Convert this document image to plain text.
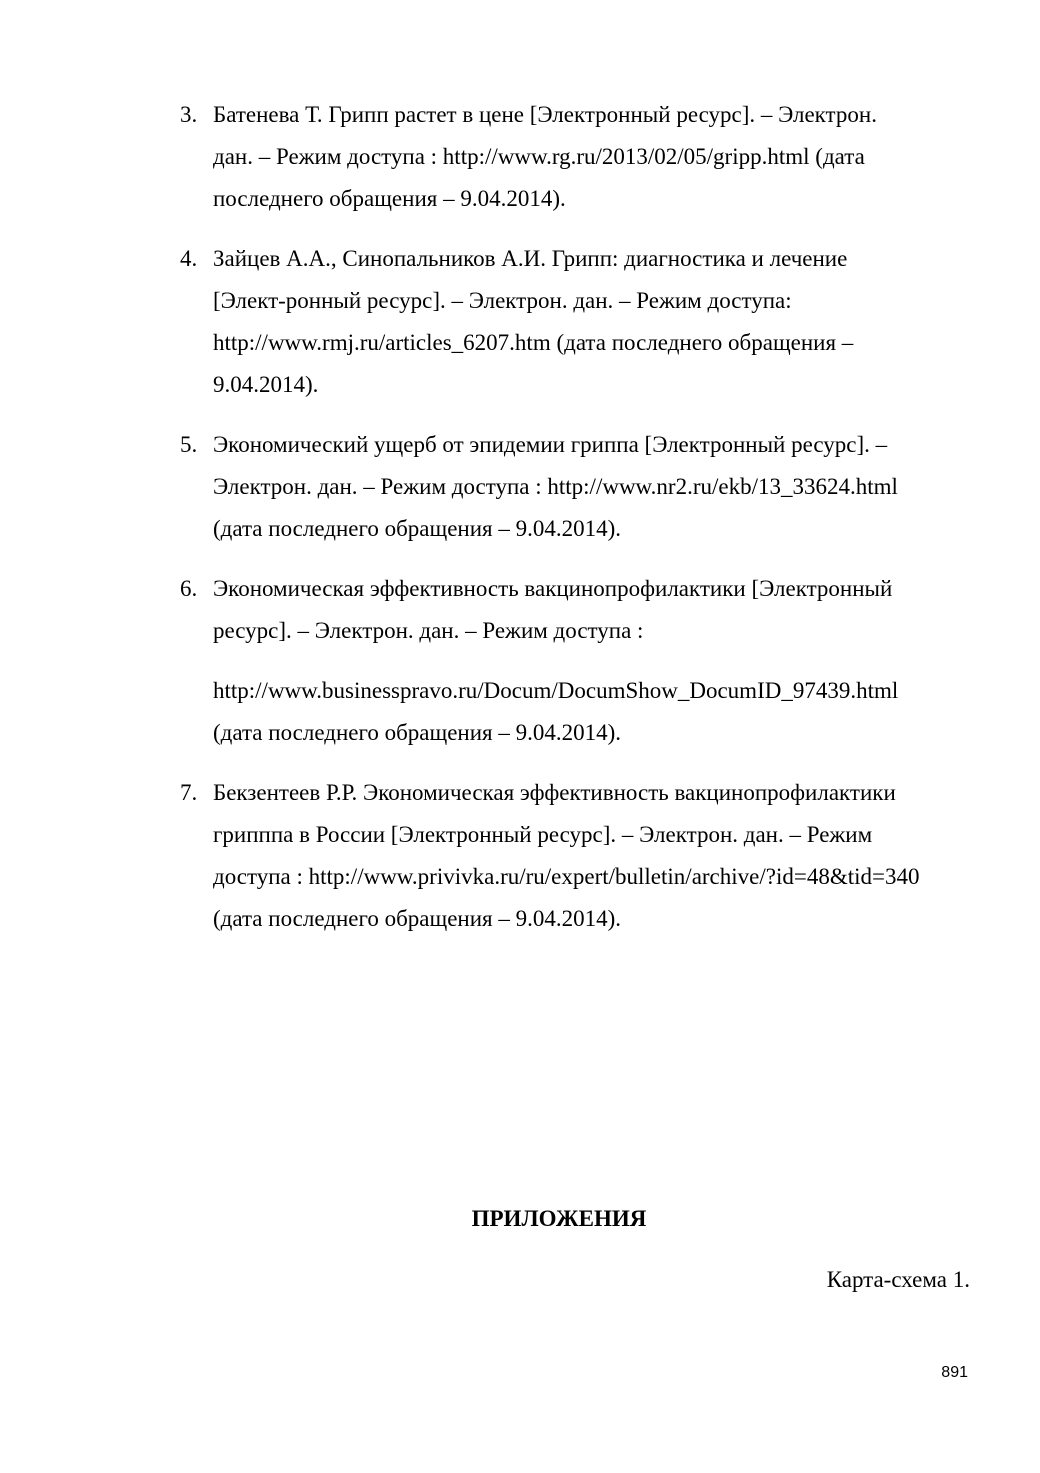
3. Батенева Т. Грипп растет в цене [Электронный ресурс]. – Электрон.
дан. – Режим доступа : http://www.rg.ru/2013/02/05/gripp.html (дата
последнего обращения – 9.04.2014).
4. Зайцев А.А., Синопальников А.И. Грипп: диагностика и лечение
[Элект-ронный ресурс]. – Электрон. дан. – Режим доступа:
http://www.rmj.ru/articles_6207.htm (дата последнего обращения –
9.04.2014).
5. Экономический ущерб от эпидемии гриппа [Электронный ресурс]. –
Электрон. дан. – Режим доступа : http://www.nr2.ru/ekb/13_33624.html
(дата последнего обращения – 9.04.2014).
6. Экономическая эффективность вакцинопрофилактики [Электронный
ресурс]. – Электрон. дан. – Режим доступа :
http://www.businesspravo.ru/Docum/DocumShow_DocumID_97439.html
(дата последнего обращения – 9.04.2014).
7. Бекзентеев Р.Р. Экономическая эффективность вакцинопрофилактики
грипппа в России [Электронный ресурс]. – Электрон. дан. – Режим
доступа : http://www.privivka.ru/ru/expert/bulletin/archive/?id=48&tid=340
(дата последнего обращения – 9.04.2014).
ПРИЛОЖЕНИЯ
Карта-схема 1.
891
